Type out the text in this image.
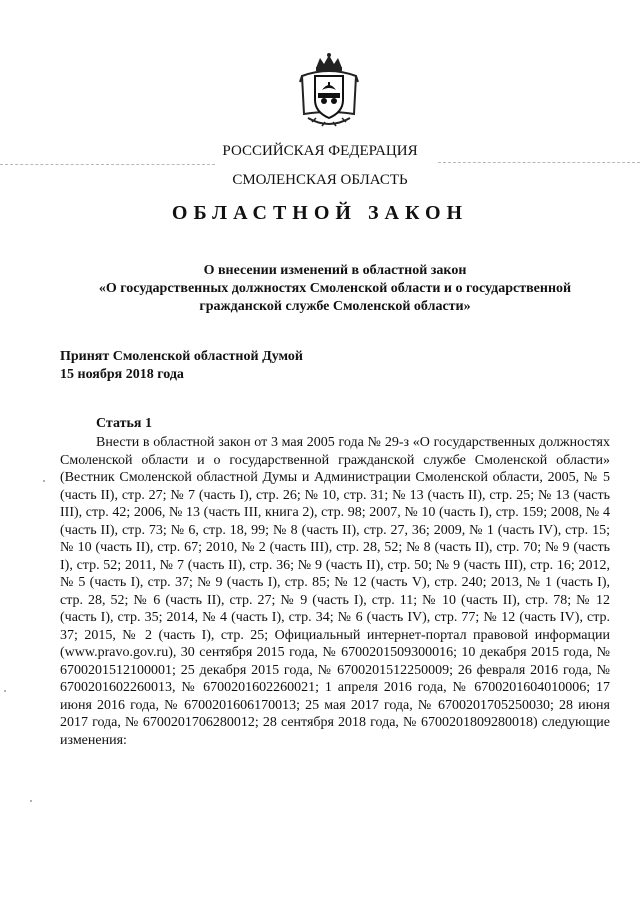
РОССИЙСКАЯ ФЕДЕРАЦИЯ
СМОЛЕНСКАЯ ОБЛАСТЬ
ОБЛАСТНОЙ ЗАКОН
О внесении изменений в областной закон
«О государственных должностях Смоленской области и о государственной
гражданской службе Смоленской области»
Принят Смоленской областной Думой
15 ноября 2018 года
Статья 1
Внести в областной закон от 3 мая 2005 года № 29-з «О государственных должностях Смоленской области и о государственной гражданской службе Смоленской области» (Вестник Смоленской областной Думы и Администрации Смоленской области, 2005, № 5 (часть II), стр. 27; № 7 (часть I), стр. 26; № 10, стр. 31; № 13 (часть II), стр. 25; № 13 (часть III), стр. 42; 2006, № 13 (часть III, книга 2), стр. 98; 2007, № 10 (часть I), стр. 159; 2008, № 4 (часть II), стр. 73; № 6, стр. 18, 99; № 8 (часть II), стр. 27, 36; 2009, № 1 (часть IV), стр. 15; № 10 (часть II), стр. 67; 2010, № 2 (часть III), стр. 28, 52; № 8 (часть II), стр. 70; № 9 (часть I), стр. 52; 2011, № 7 (часть II), стр. 36; № 9 (часть II), стр. 50; № 9 (часть III), стр. 16; 2012, № 5 (часть I), стр. 37; № 9 (часть I), стр. 85; № 12 (часть V), стр. 240; 2013, № 1 (часть I), стр. 28, 52; № 6 (часть II), стр. 27; № 9 (часть I), стр. 11; № 10 (часть II), стр. 78; № 12 (часть I), стр. 35; 2014, № 4 (часть I), стр. 34; № 6 (часть IV), стр. 77; № 12 (часть IV), стр. 37; 2015, № 2 (часть I), стр. 25; Официальный интернет-портал правовой информации (www.pravo.gov.ru), 30 сентября 2015 года, № 6700201509300016; 10 декабря 2015 года, № 6700201512100001; 25 декабря 2015 года, № 6700201512250009; 26 февраля 2016 года, № 6700201602260013, № 6700201602260021; 1 апреля 2016 года, № 6700201604010006; 17 июня 2016 года, № 6700201606170013; 25 мая 2017 года, № 6700201705250030; 28 июня 2017 года, № 6700201706280012; 28 сентября 2018 года, № 6700201809280018) следующие изменения:
